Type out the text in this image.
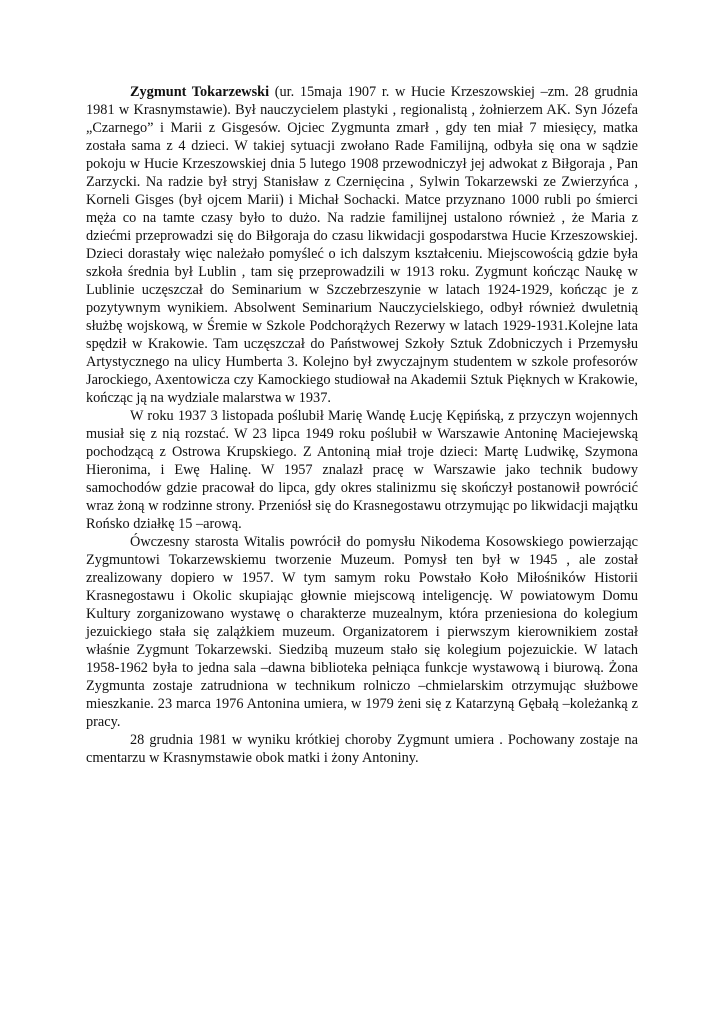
Zygmunt Tokarzewski (ur. 15maja 1907 r. w Hucie Krzeszowskiej –zm. 28 grudnia 1981 w Krasnymstawie). Był nauczycielem plastyki , regionalistą , żołnierzem AK. Syn Józefa „Czarnego” i Marii z Gisgesów. Ojciec Zygmunta zmarł , gdy ten miał 7 miesięcy, matka została sama z 4 dzieci. W takiej sytuacji zwołano Rade Familijną, odbyła się ona w sądzie pokoju w Hucie Krzeszowskiej dnia 5 lutego 1908 przewodniczył jej adwokat z Biłgoraja , Pan Zarzycki. Na radzie był stryj Stanisław z Czernięcina , Sylwin Tokarzewski ze Zwierzyńca , Korneli Gisges (był ojcem Marii) i Michał Sochacki. Matce przyznano 1000 rubli po śmierci męża co na tamte czasy było to dużo. Na radzie familijnej ustalono również , że Maria z dziećmi przeprowadzi się do Biłgoraja do czasu likwidacji gospodarstwa Hucie Krzeszowskiej. Dzieci dorastały więc należało pomyśleć o ich dalszym kształceniu. Miejscowością gdzie była szkoła średnia był Lublin , tam się przeprowadzili w 1913 roku. Zygmunt kończąc Naukę w Lublinie uczęszczał do Seminarium w Szczebrzeszynie w latach 1924-1929, kończąc je z pozytywnym wynikiem. Absolwent Seminarium Nauczycielskiego, odbył również dwuletnią służbę wojskową, w Śremie w Szkole Podchorążych Rezerwy w latach 1929-1931.Kolejne lata spędził w Krakowie. Tam uczęszczał do Państwowej Szkoły Sztuk Zdobniczych i Przemysłu Artystycznego na ulicy Humberta 3. Kolejno był zwyczajnym studentem w szkole profesorów Jarockiego, Axentowicza czy Kamockiego studiował na Akademii Sztuk Pięknych w Krakowie, kończąc ją na wydziale malarstwa w 1937.

W roku 1937 3 listopada poślubił Marię Wandę Łucję Kępińską, z przyczyn wojennych musiał się z nią rozstać. W 23 lipca 1949 roku poślubił w Warszawie Antoninę Maciejewską pochodzącą z Ostrowa Krupskiego. Z Antoniną miał troje dzieci: Martę Ludwikę, Szymona Hieronima, i Ewę Halinę. W 1957 znalazł pracę w Warszawie jako technik budowy samochodów gdzie pracował do lipca, gdy okres stalinizmu się skończył postanowił powrócić wraz żoną w rodzinne strony. Przeniósł się do Krasnegostawu otrzymując po likwidacji majątku Rońsko działkę 15 –arową.

Ówczesny starosta Witalis powrócił do pomysłu Nikodema Kosowskiego powierzając Zygmuntowi Tokarzewskiemu tworzenie Muzeum. Pomysł ten był w 1945 , ale został zrealizowany dopiero w 1957. W tym samym roku Powstało Koło Miłośników Historii Krasnegostawu i Okolic skupiając głownie miejscową inteligencję. W powiatowym Domu Kultury zorganizowano wystawę o charakterze muzealnym, która przeniesiona do kolegium jezuickiego stała się zalążkiem muzeum. Organizatorem i pierwszym kierownikiem został właśnie Zygmunt Tokarzewski. Siedzibą muzeum stało się kolegium pojezuickie. W latach 1958-1962 była to jedna sala –dawna biblioteka pełniąca funkcje wystawową i biurową. Żona Zygmunta zostaje zatrudniona w technikum rolniczo –chmielarskim otrzymując służbowe mieszkanie. 23 marca 1976 Antonina umiera, w 1979 żeni się z Katarzyną Gębałą –koleżanką z pracy.

28 grudnia 1981 w wyniku krótkiej choroby Zygmunt umiera . Pochowany zostaje na cmentarzu w Krasnymstawie obok matki i żony Antoniny.
